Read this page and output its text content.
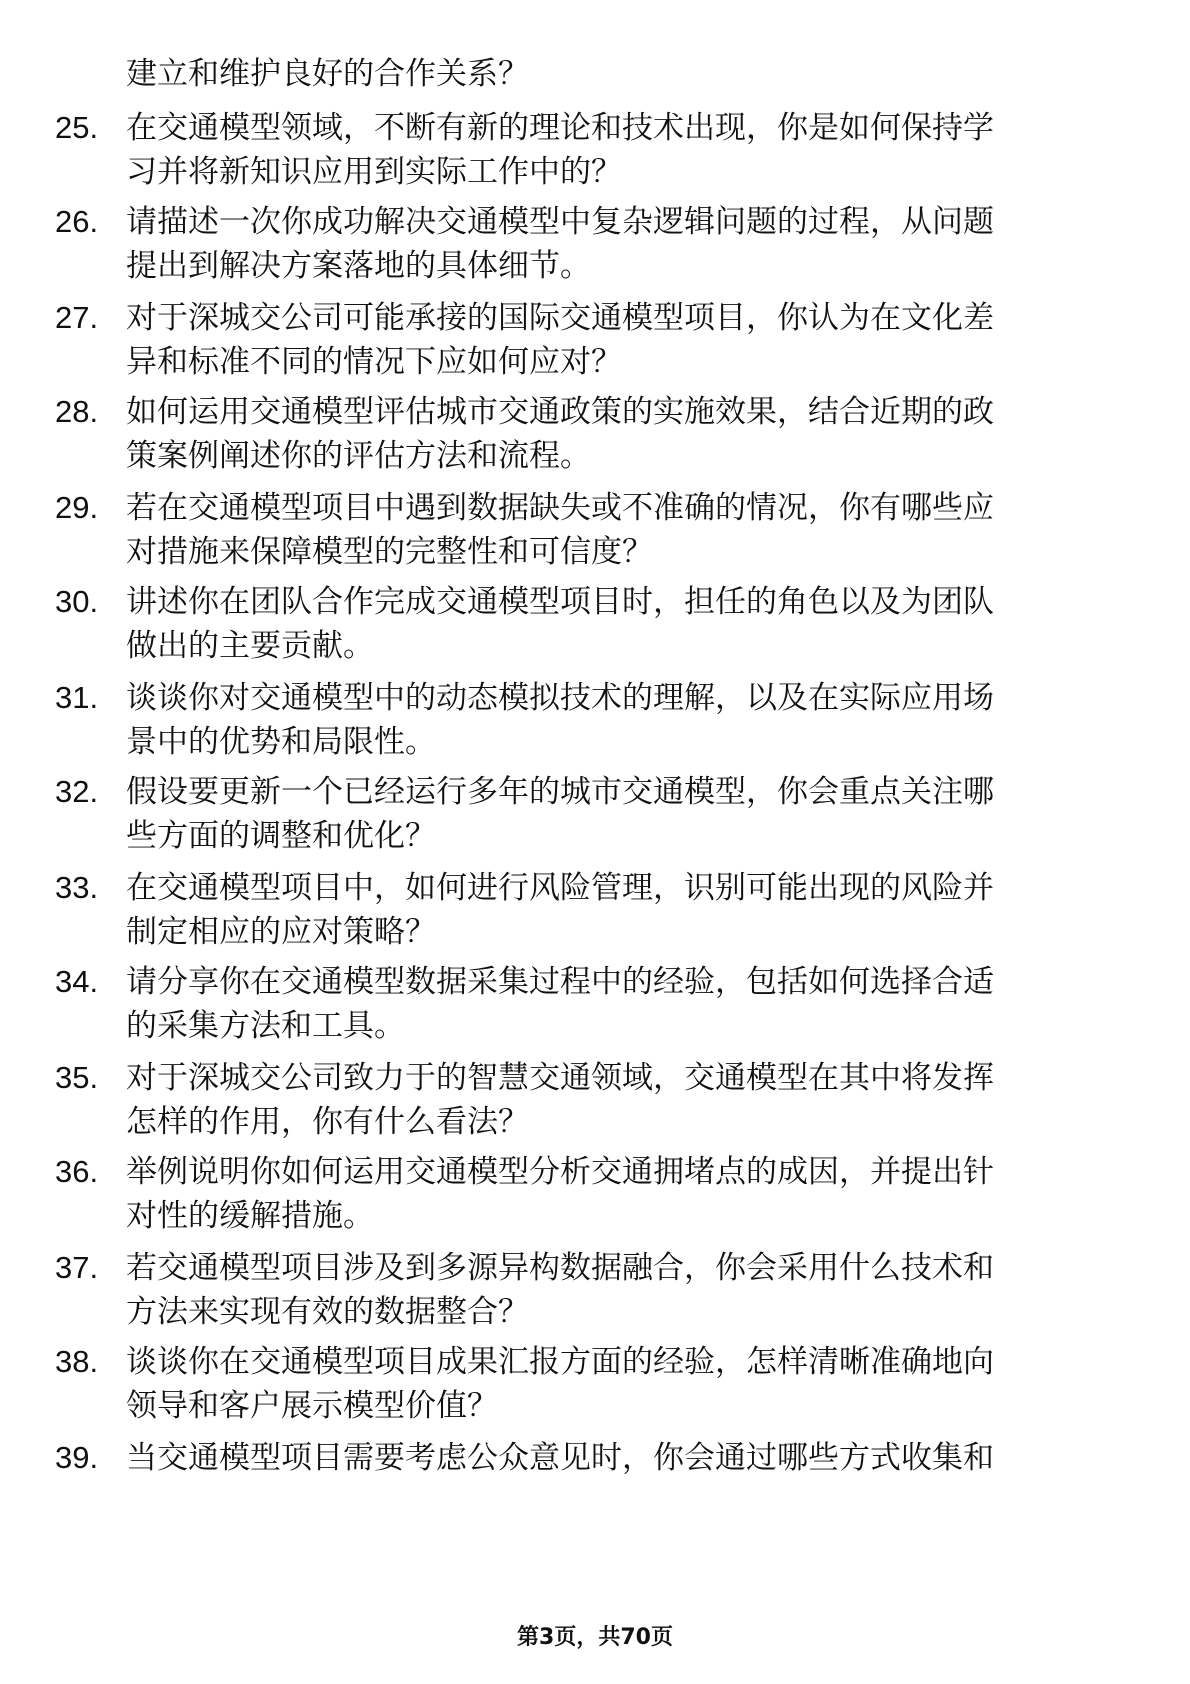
建立和维护良好的合作关系？
25. 在交通模型领域，不断有新的理论和技术出现，你是如何保持学
习并将新知识应用到实际工作中的？
26. 请描述一次你成功解决交通模型中复杂逻辑问题的过程，从问题
提出到解决方案落地的具体细节。
27. 对于深城交公司可能承接的国际交通模型项目，你认为在文化差
异和标准不同的情况下应如何应对？
28. 如何运用交通模型评估城市交通政策的实施效果，结合近期的政
策案例阐述你的评估方法和流程。
29. 若在交通模型项目中遇到数据缺失或不准确的情况，你有哪些应
对措施来保障模型的完整性和可信度？
30. 讲述你在团队合作完成交通模型项目时，担任的角色以及为团队
做出的主要贡献。
31. 谈谈你对交通模型中的动态模拟技术的理解，以及在实际应用场
景中的优势和局限性。
32. 假设要更新一个已经运行多年的城市交通模型，你会重点关注哪
些方面的调整和优化？
33. 在交通模型项目中，如何进行风险管理，识别可能出现的风险并
制定相应的应对策略？
34. 请分享你在交通模型数据采集过程中的经验，包括如何选择合适
的采集方法和工具。
35. 对于深城交公司致力于的智慧交通领域，交通模型在其中将发挥
怎样的作用，你有什么看法？
36. 举例说明你如何运用交通模型分析交通拥堵点的成因，并提出针
对性的缓解措施。
37. 若交通模型项目涉及到多源异构数据融合，你会采用什么技术和
方法来实现有效的数据整合？
38. 谈谈你在交通模型项目成果汇报方面的经验，怎样清晰准确地向
领导和客户展示模型价值？
39. 当交通模型项目需要考虑公众意见时，你会通过哪些方式收集和
第3页，共70页
